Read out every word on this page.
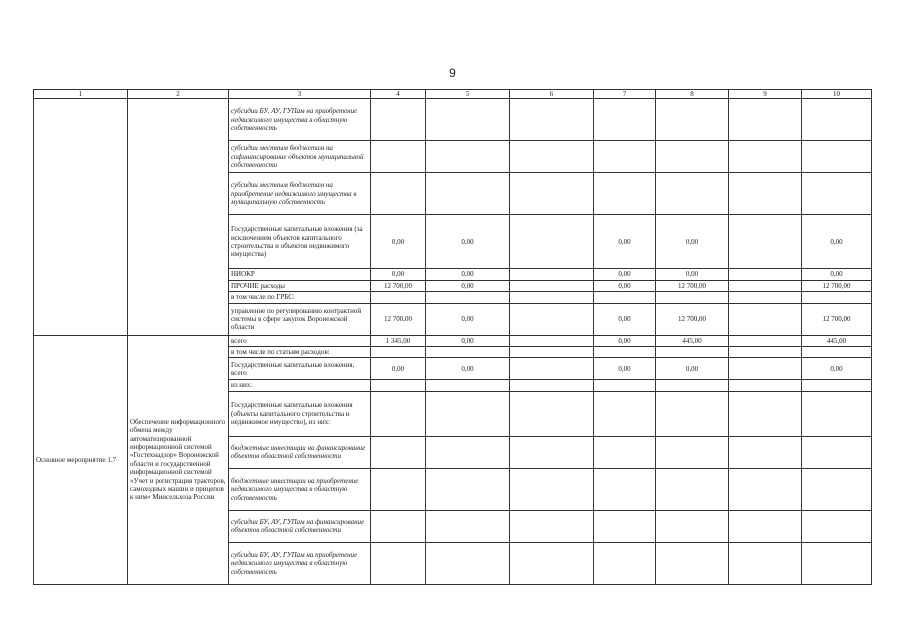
9
1	2	3	4	5	6	7	8	9	10
		субсидии БУ, АУ, ГУПам на приобретение недвижимого имущества в областную собственность							
		субсидии местным бюджетам на софинансирование объектов муниципальной собственности							
		субсидии местным бюджетам на приобретение недвижимого имущества в муниципальную собственность							
		Государственные капитальные вложения (за исключением объектов капитального строительства и объектов недвижимого имущества)	0,00	0,00		0,00	0,00		0,00
		НИОКР	0,00	0,00		0,00	0,00		0,00
		ПРОЧИЕ расходы	12 700,00	0,00		0,00	12 700,00		12 700,00
		в том числе по ГРБС:							
		управление по регулированию контрактной системы в сфере закупок Воронежской области	12 700,00	0,00		0,00	12 700,00		12 700,00
Основное мероприятие 1.7	Обеспечение информационного обмена между автоматизированной информационной системой «Гостехнадзор» Воронежской области и государственной информационной системой «Учет и регистрация тракторов, самоходных машин и прицепов к ним» Минсельхоза России	всего	1 345,00	0,00		0,00	445,00		445,00
		в том числе по статьям расходов:							
		Государственные капитальные вложения, всего	0,00	0,00		0,00	0,00		0,00
		из них:							
		Государственные капитальные вложения (объекты капитального строительства и недвижимое имущество), из них:							
		бюджетные инвестиции на финансирование объектов областной собственности							
		бюджетные инвестиции на приобретение недвижимого имущества в областную собственность							
		субсидии БУ, АУ, ГУПам на финансирование объектов областной собственности							
		субсидии БУ, АУ, ГУПам на приобретение недвижимого имущества в областную собственность							
